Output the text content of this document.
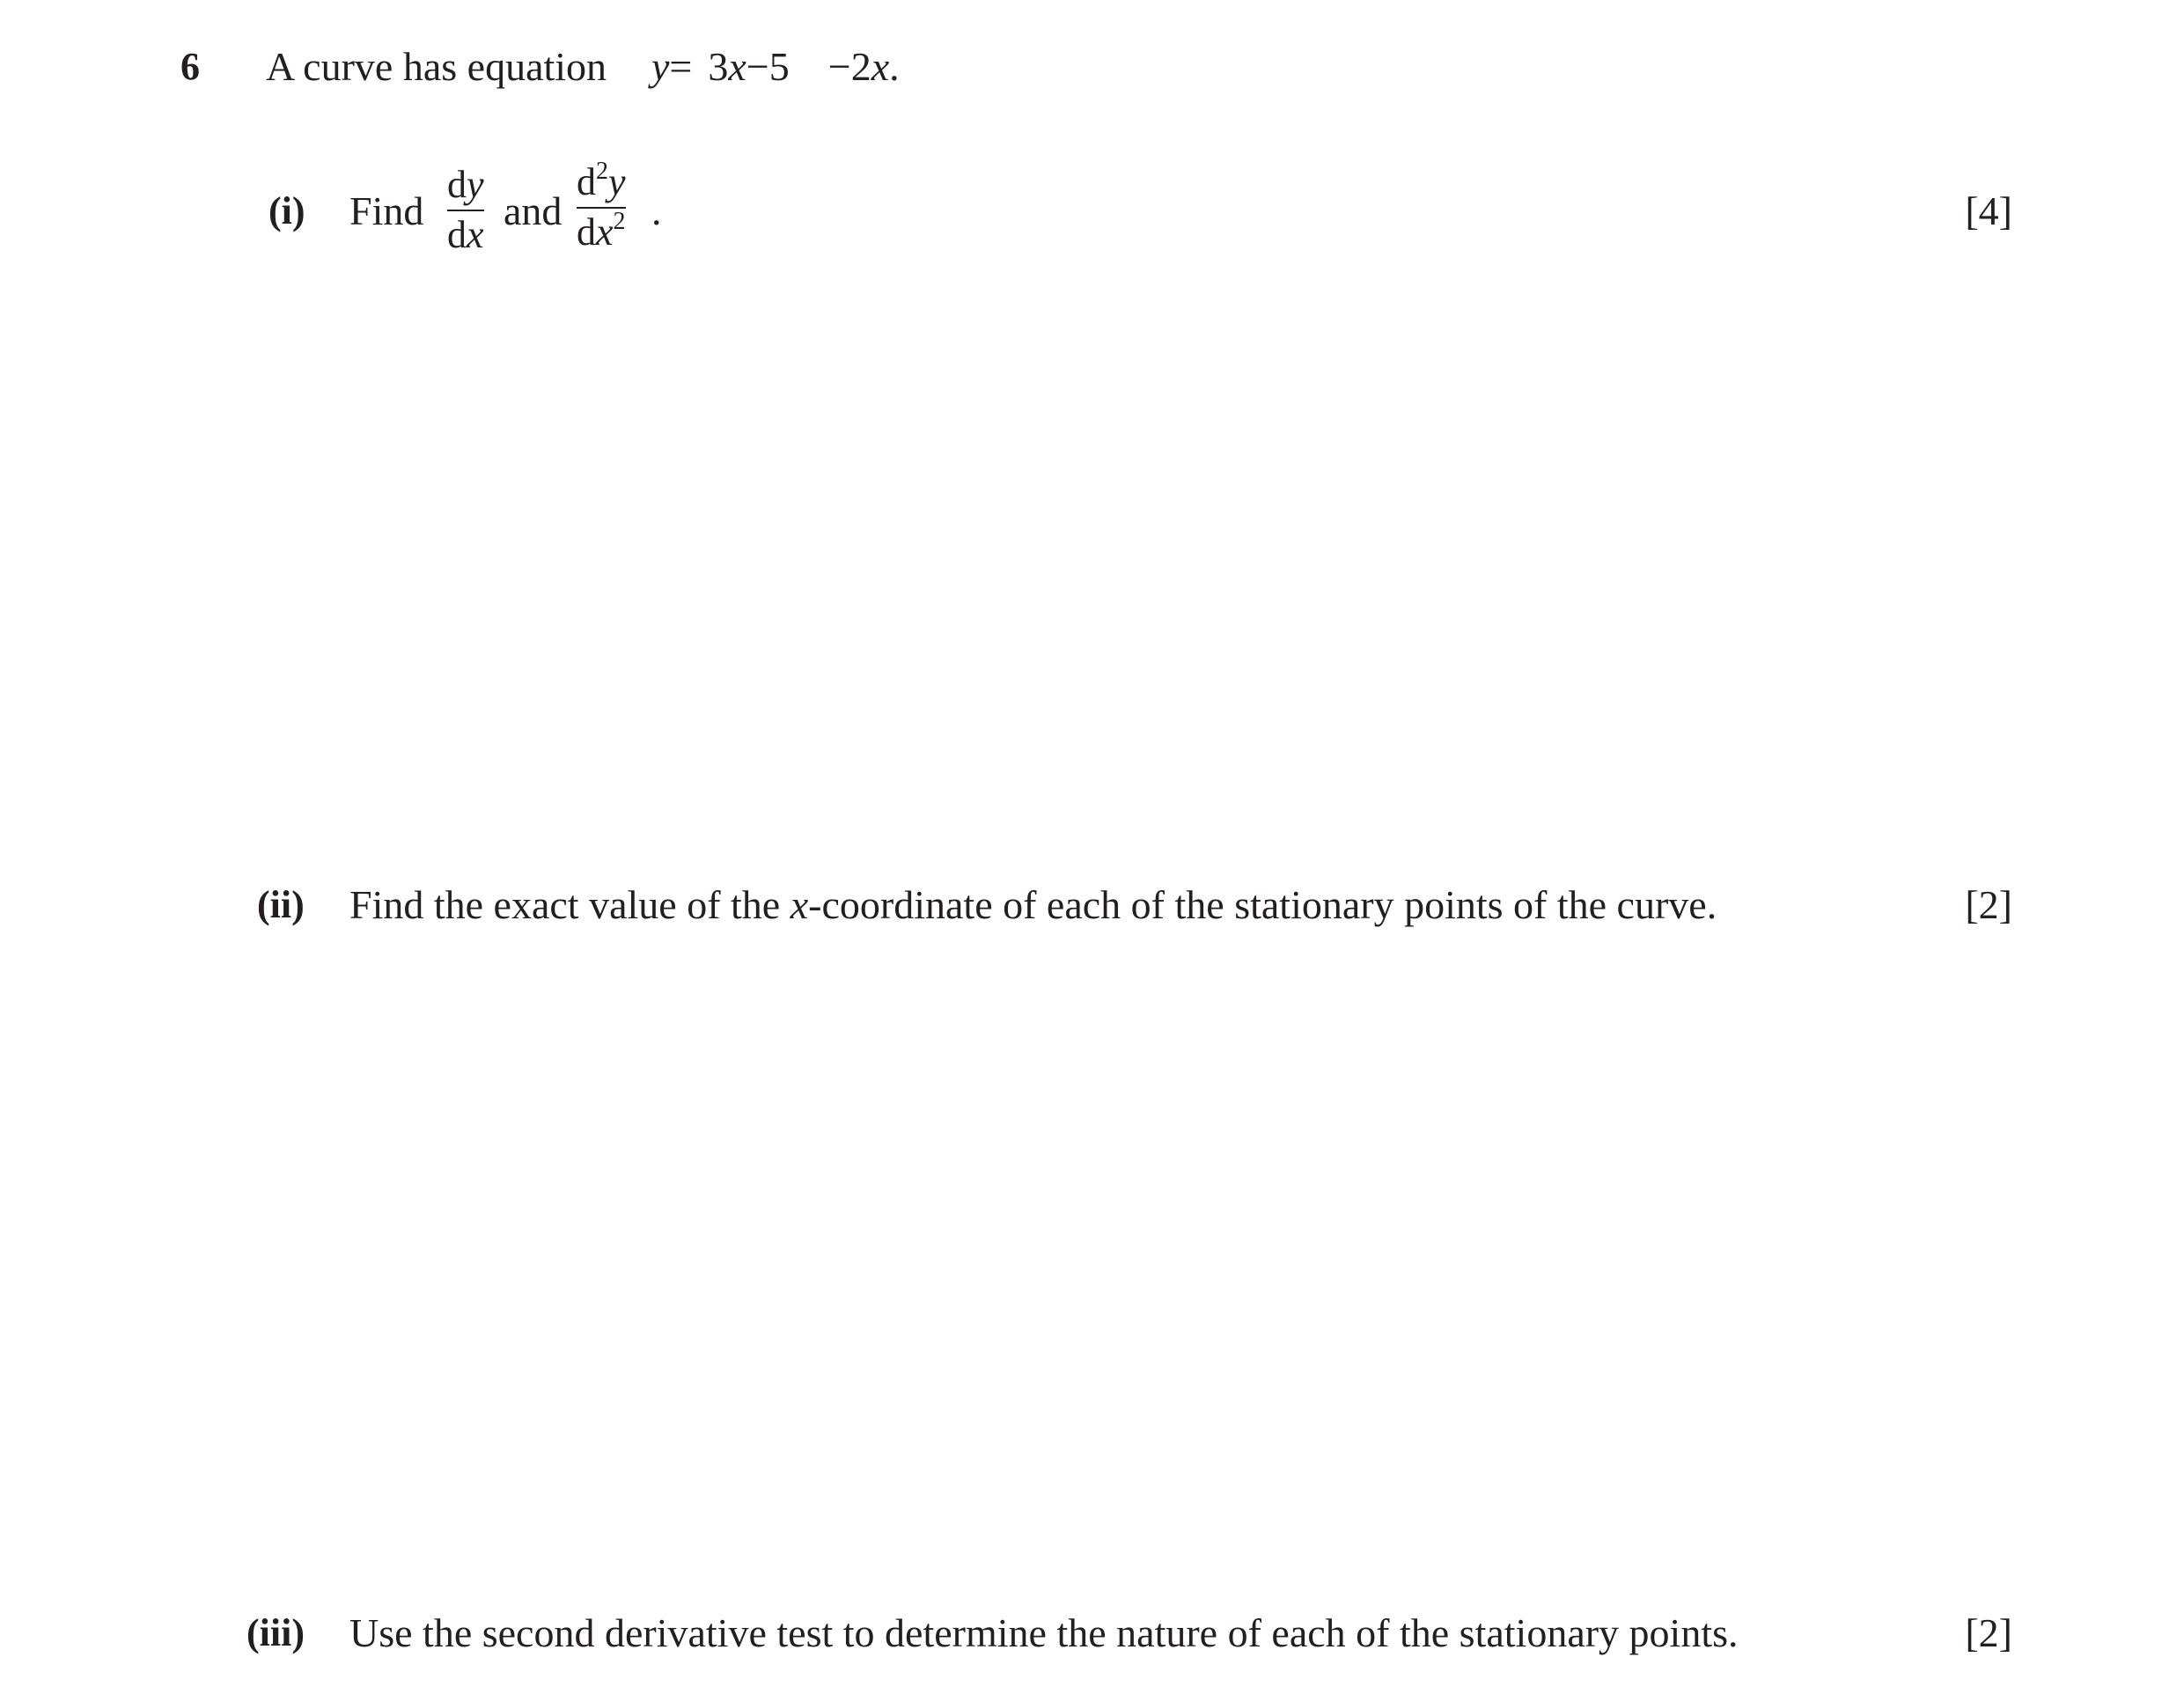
6 A curve has equation y= 3x−5 −2x.
(i) Find
dy
dx
and
$d^2y$
$dx^2$ .	[4]
(ii) Find the exact value of the x-coordinate of each of the stationary points of the curve.	[2]
(iii) Use the second derivative test to determine the nature of each of the stationary points.	[2]
